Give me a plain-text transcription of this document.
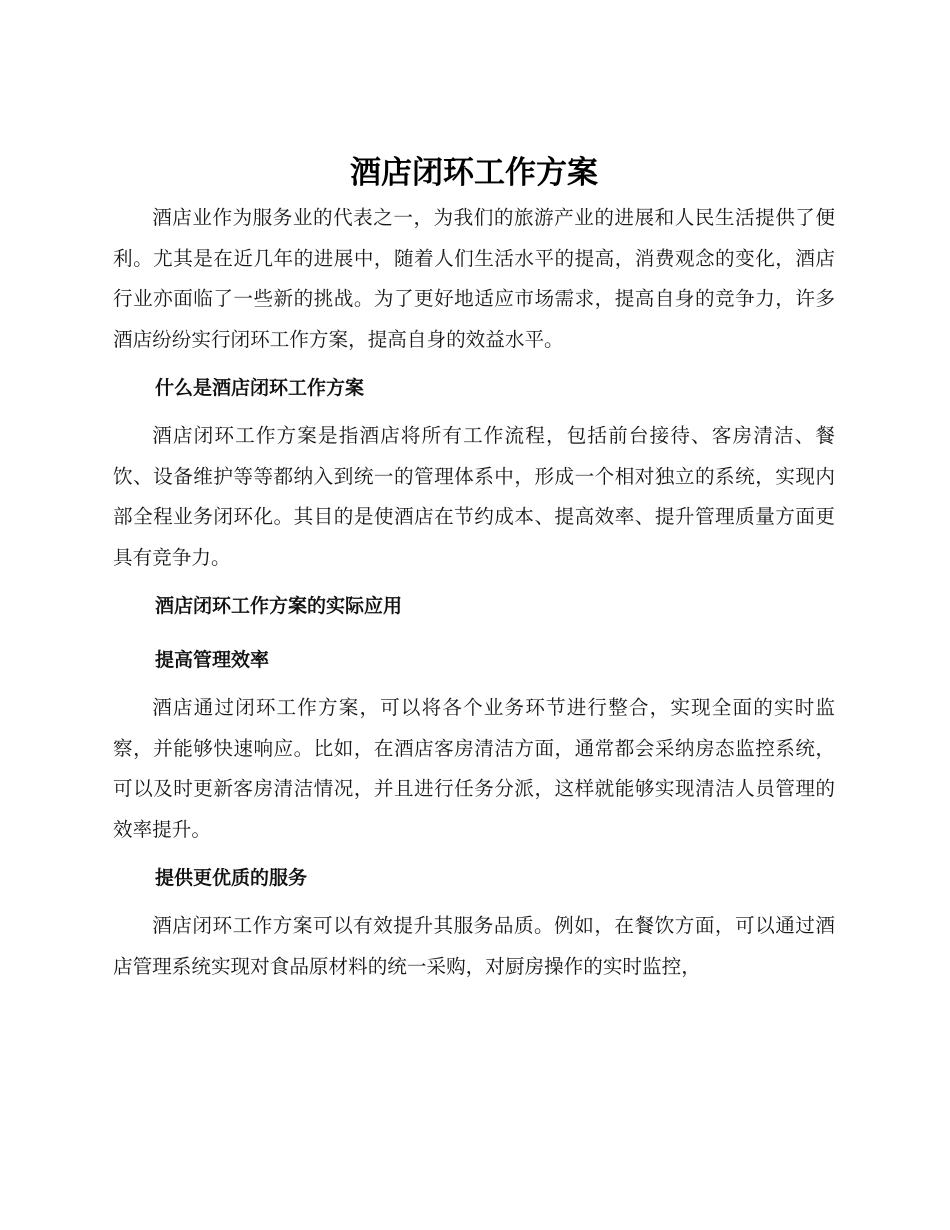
酒店闭环工作方案

酒店业作为服务业的代表之一，为我们的旅游产业的进展和人民生活提供了便利。尤其是在近几年的进展中，随着人们生活水平的提高，消费观念的变化，酒店行业亦面临了一些新的挑战。为了更好地适应市场需求，提高自身的竞争力，许多酒店纷纷实行闭环工作方案，提高自身的效益水平。

什么是酒店闭环工作方案

酒店闭环工作方案是指酒店将所有工作流程，包括前台接待、客房清洁、餐饮、设备维护等等都纳入到统一的管理体系中，形成一个相对独立的系统，实现内部全程业务闭环化。其目的是使酒店在节约成本、提高效率、提升管理质量方面更具有竞争力。

酒店闭环工作方案的实际应用
提高管理效率

酒店通过闭环工作方案，可以将各个业务环节进行整合，实现全面的实时监察，并能够快速响应。比如，在酒店客房清洁方面，通常都会采纳房态监控系统，可以及时更新客房清洁情况，并且进行任务分派，这样就能够实现清洁人员管理的效率提升。

提供更优质的服务

酒店闭环工作方案可以有效提升其服务品质。例如，在餐饮方面，可以通过酒店管理系统实现对食品原材料的统一采购，对厨房操作的实时监控，
